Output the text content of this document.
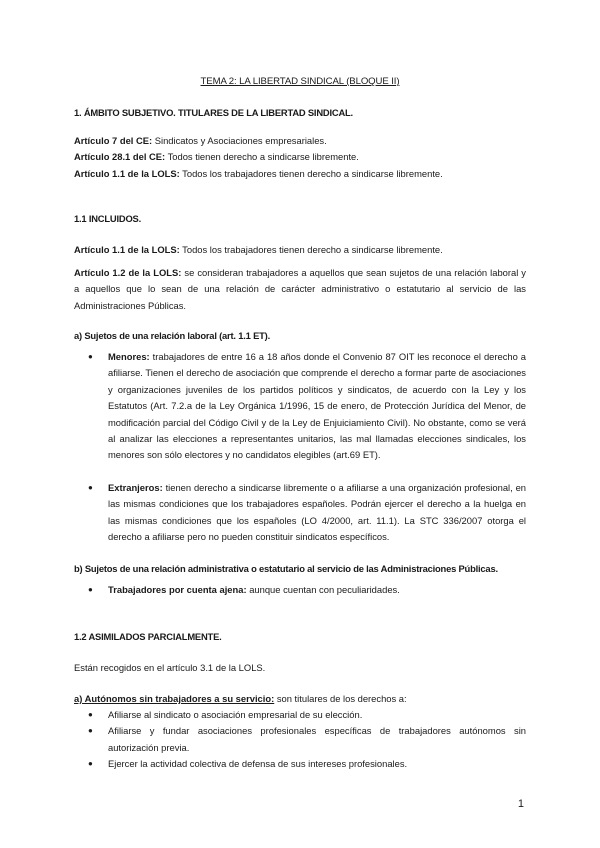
TEMA 2: LA LIBERTAD SINDICAL (BLOQUE II)
1. ÁMBITO SUBJETIVO. TITULARES DE LA LIBERTAD SINDICAL.
Artículo 7 del CE: Sindicatos y Asociaciones empresariales.
Artículo 28.1 del CE: Todos tienen derecho a sindicarse libremente.
Artículo 1.1 de la LOLS: Todos los trabajadores tienen derecho a sindicarse libremente.
1.1 INCLUIDOS.
Artículo 1.1 de la LOLS: Todos los trabajadores tienen derecho a sindicarse libremente.
Artículo 1.2 de la LOLS: se consideran trabajadores a aquellos que sean sujetos de una relación laboral y a aquellos que lo sean de una relación de carácter administrativo o estatutario al servicio de las Administraciones Públicas.
a) Sujetos de una relación laboral (art. 1.1 ET).
● Menores: trabajadores de entre 16 a 18 años donde el Convenio 87 OIT les reconoce el derecho a afiliarse. Tienen el derecho de asociación que comprende el derecho a formar parte de asociaciones y organizaciones juveniles de los partidos políticos y sindicatos, de acuerdo con la Ley y los Estatutos (Art. 7.2.a de la Ley Orgánica 1/1996, 15 de enero, de Protección Jurídica del Menor, de modificación parcial del Código Civil y de la Ley de Enjuiciamiento Civil). No obstante, como se verá al analizar las elecciones a representantes unitarios, las mal llamadas elecciones sindicales, los menores son sólo electores y no candidatos elegibles (art.69 ET).
● Extranjeros: tienen derecho a sindicarse libremente o a afiliarse a una organización profesional, en las mismas condiciones que los trabajadores españoles. Podrán ejercer el derecho a la huelga en las mismas condiciones que los españoles (LO 4/2000, art. 11.1). La STC 336/2007 otorga el derecho a afiliarse pero no pueden constituir sindicatos específicos.
b) Sujetos de una relación administrativa o estatutario al servicio de las Administraciones Públicas.
● Trabajadores por cuenta ajena: aunque cuentan con peculiaridades.
1.2 ASIMILADOS PARCIALMENTE.
Están recogidos en el artículo 3.1 de la LOLS.
a) Autónomos sin trabajadores a su servicio: son titulares de los derechos a:
● Afiliarse al sindicato o asociación empresarial de su elección.
● Afiliarse y fundar asociaciones profesionales específicas de trabajadores autónomos sin autorización previa.
● Ejercer la actividad colectiva de defensa de sus intereses profesionales.
1
